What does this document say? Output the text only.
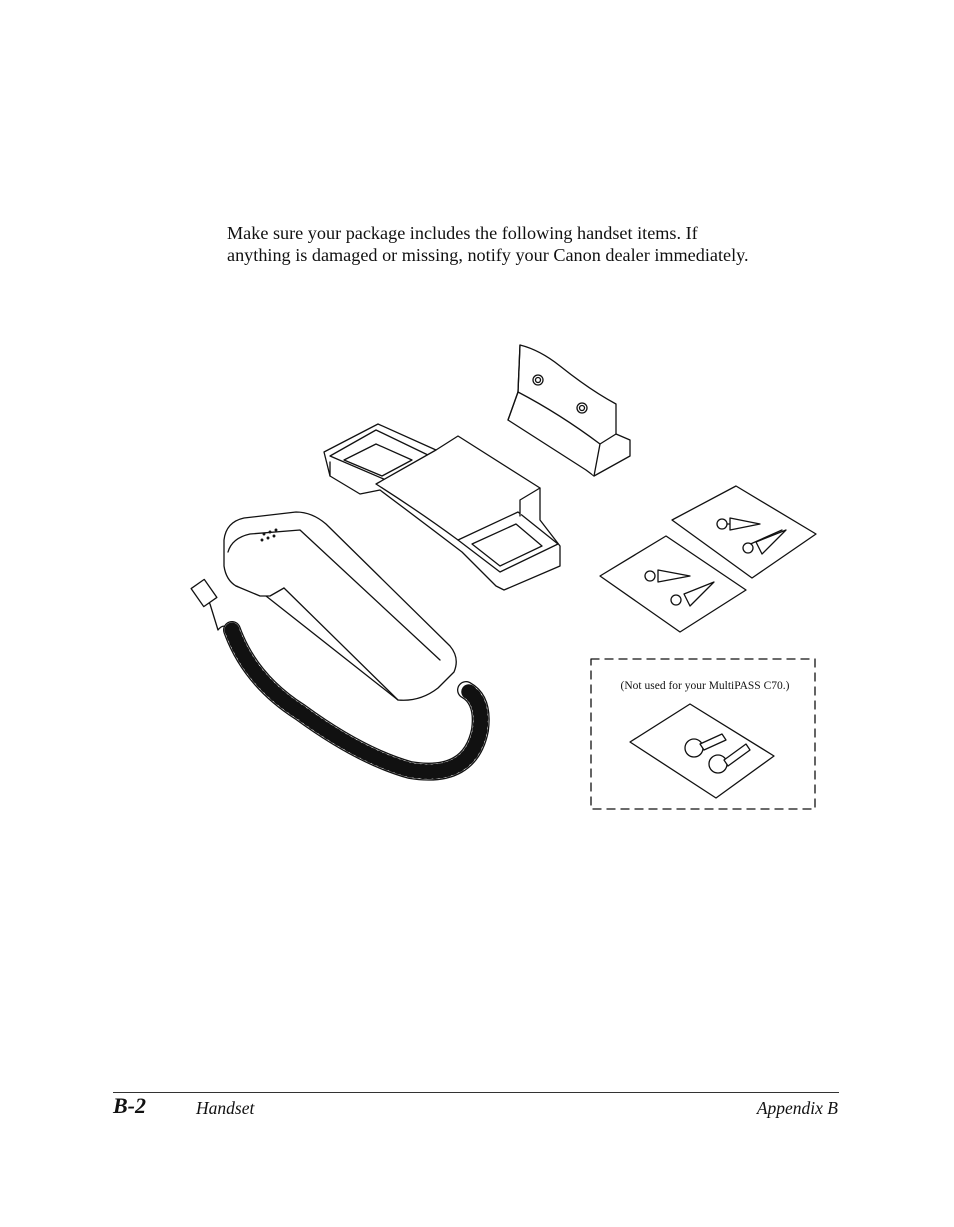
Make sure your package includes the following handset items. If
anything is damaged or missing, notify your Canon dealer immediately.

(Not used for your MultiPASS C70.)

B-2	Handset	Appendix B
